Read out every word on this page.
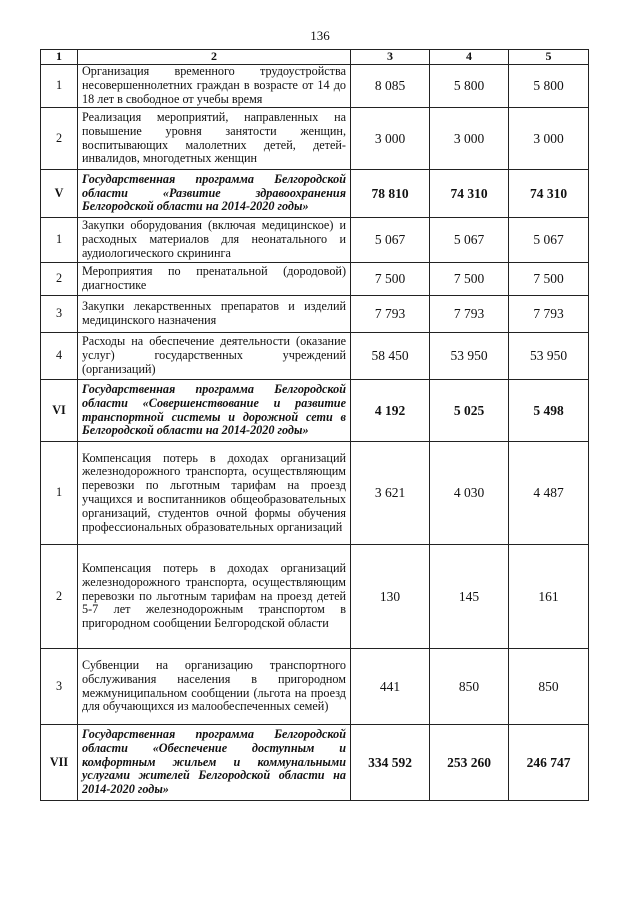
136
1	2	3	4	5
1	Организация временного трудоустройства несовершеннолетних граждан в возрасте от 14 до 18 лет в свободное от учебы время	8 085	5 800	5 800
2	Реализация мероприятий, направленных на повышение уровня занятости женщин, воспитывающих малолетних детей, детей-инвалидов, многодетных женщин	3 000	3 000	3 000
V	Государственная программа Белгородской области «Развитие здравоохранения Белгородской области на 2014-2020 годы»	78 810	74 310	74 310
1	Закупки оборудования (включая медицинское) и расходных материалов для неонатального и аудиологического скрининга	5 067	5 067	5 067
2	Мероприятия по пренатальной (дородовой) диагностике	7 500	7 500	7 500
3	Закупки лекарственных препаратов и изделий медицинского назначения	7 793	7 793	7 793
4	Расходы на обеспечение деятельности (оказание услуг) государственных учреждений (организаций)	58 450	53 950	53 950
VI	Государственная программа Белгородской области «Совершенствование и развитие транспортной системы и дорожной сети в Белгородской области на 2014-2020 годы»	4 192	5 025	5 498
1	Компенсация потерь в доходах организаций железнодорожного транспорта, осуществляющим перевозки по льготным тарифам на проезд учащихся и воспитанников общеобразовательных организаций, студентов очной формы обучения профессиональных образовательных организаций	3 621	4 030	4 487
2	Компенсация потерь в доходах организаций железнодорожного транспорта, осуществляющим перевозки по льготным тарифам на проезд детей 5-7 лет железнодорожным транспортом в пригородном сообщении Белгородской области	130	145	161
3	Субвенции на организацию транспортного обслуживания населения в пригородном межмуниципальном сообщении (льгота на проезд для обучающихся из малообеспеченных семей)	441	850	850
VII	Государственная программа Белгородской области «Обеспечение доступным и комфортным жильем и коммунальными услугами жителей Белгородской области на 2014-2020 годы»	334 592	253 260	246 747
